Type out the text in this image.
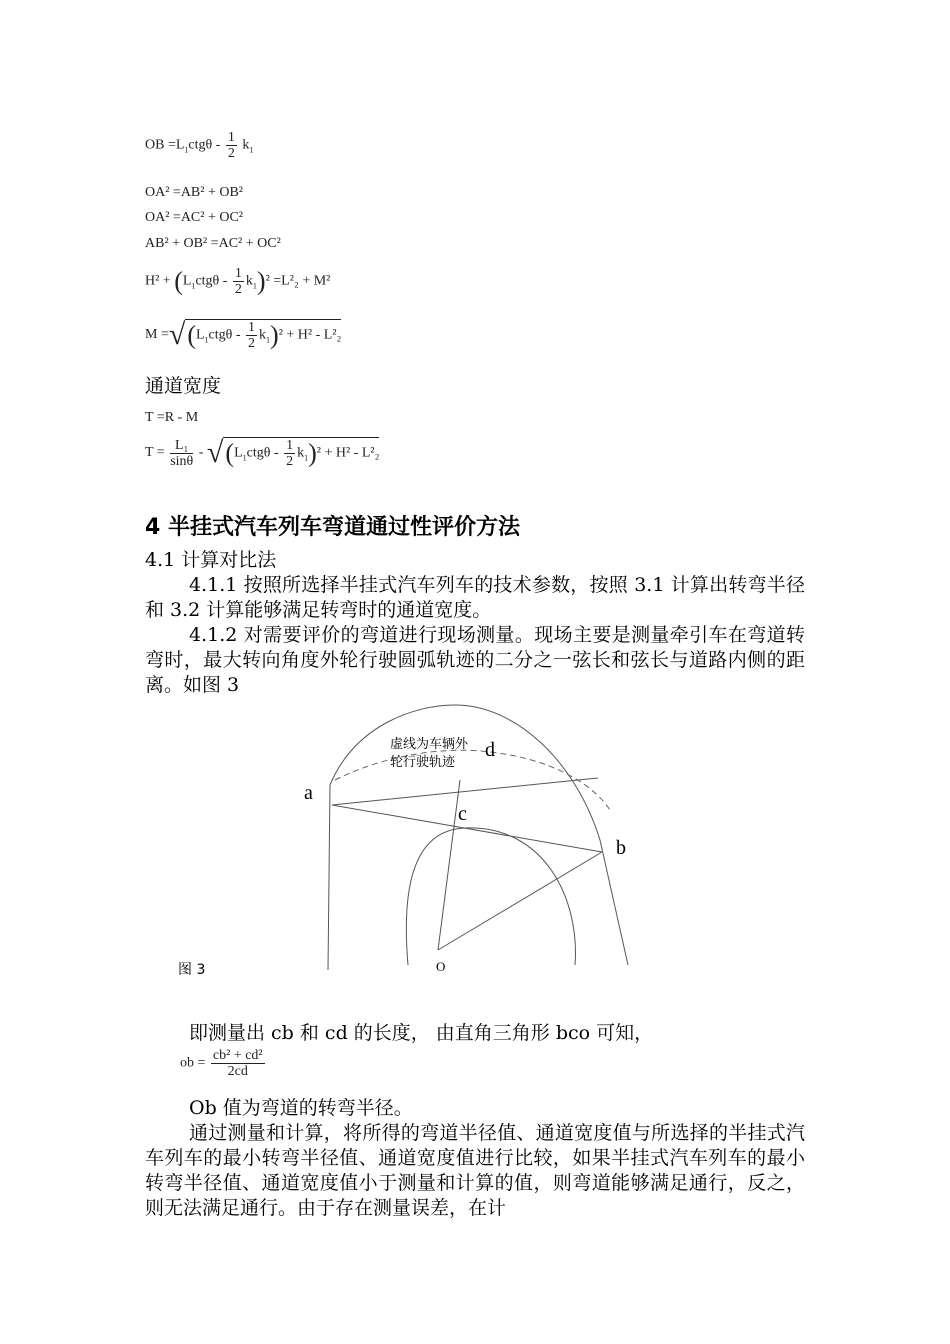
OB $=L_1ctg\theta - \frac{1}{2} k_1$
OA² =AB² + OB²
OA² =AC² + OC²
AB² + OB² =AC² + OC²
$H^2 + (L_1ctg\theta - \frac{1}{2} k_1)^2 =L^2_2 + M^2$
$M =√(L_1ctg\theta - \frac{1}{2} k_1)^2 + H^2 - L^2_2$
通道宽度
T =R - M
$T = \frac{\text{L₁}}{\sin\theta} - √(L_1ctg\theta - \frac{1}{2} k_1)^2 + H^2 - L^2_2$
4 半挂式汽车列车弯道通过性评价方法
4.1 计算对比法
4.1.1 按照所选择半挂式汽车列车的技术参数，按照 3.1 计算出转弯半径和 3.2 计算能够满足转弯时的通道宽度。
4.1.2 对需要评价的弯道进行现场测量。现场主要是测量牵引车在弯道转弯时，最大转向角度外轮行驶圆弧轨迹的二分之一弦长和弦长与道路内侧的距离。如图 3
虚线为车辆外
轮行驶轨迹
d
a
c
b
O
图 3
即测量出 cb 和 cd 的长度， 由直角三角形 bco 可知，
ob = $\frac{\text{cb² + cd²}}{2cd}$
Ob 值为弯道的转弯半径。
通过测量和计算，将所得的弯道半径值、通道宽度值与所选择的半挂式汽车列车的最小转弯半径值、通道宽度值进行比较，如果半挂式汽车列车的最小转弯半径值、通道宽度值小于测量和计算的值，则弯道能够满足通行，反之，则无法满足通行。由于存在测量误差，在计
